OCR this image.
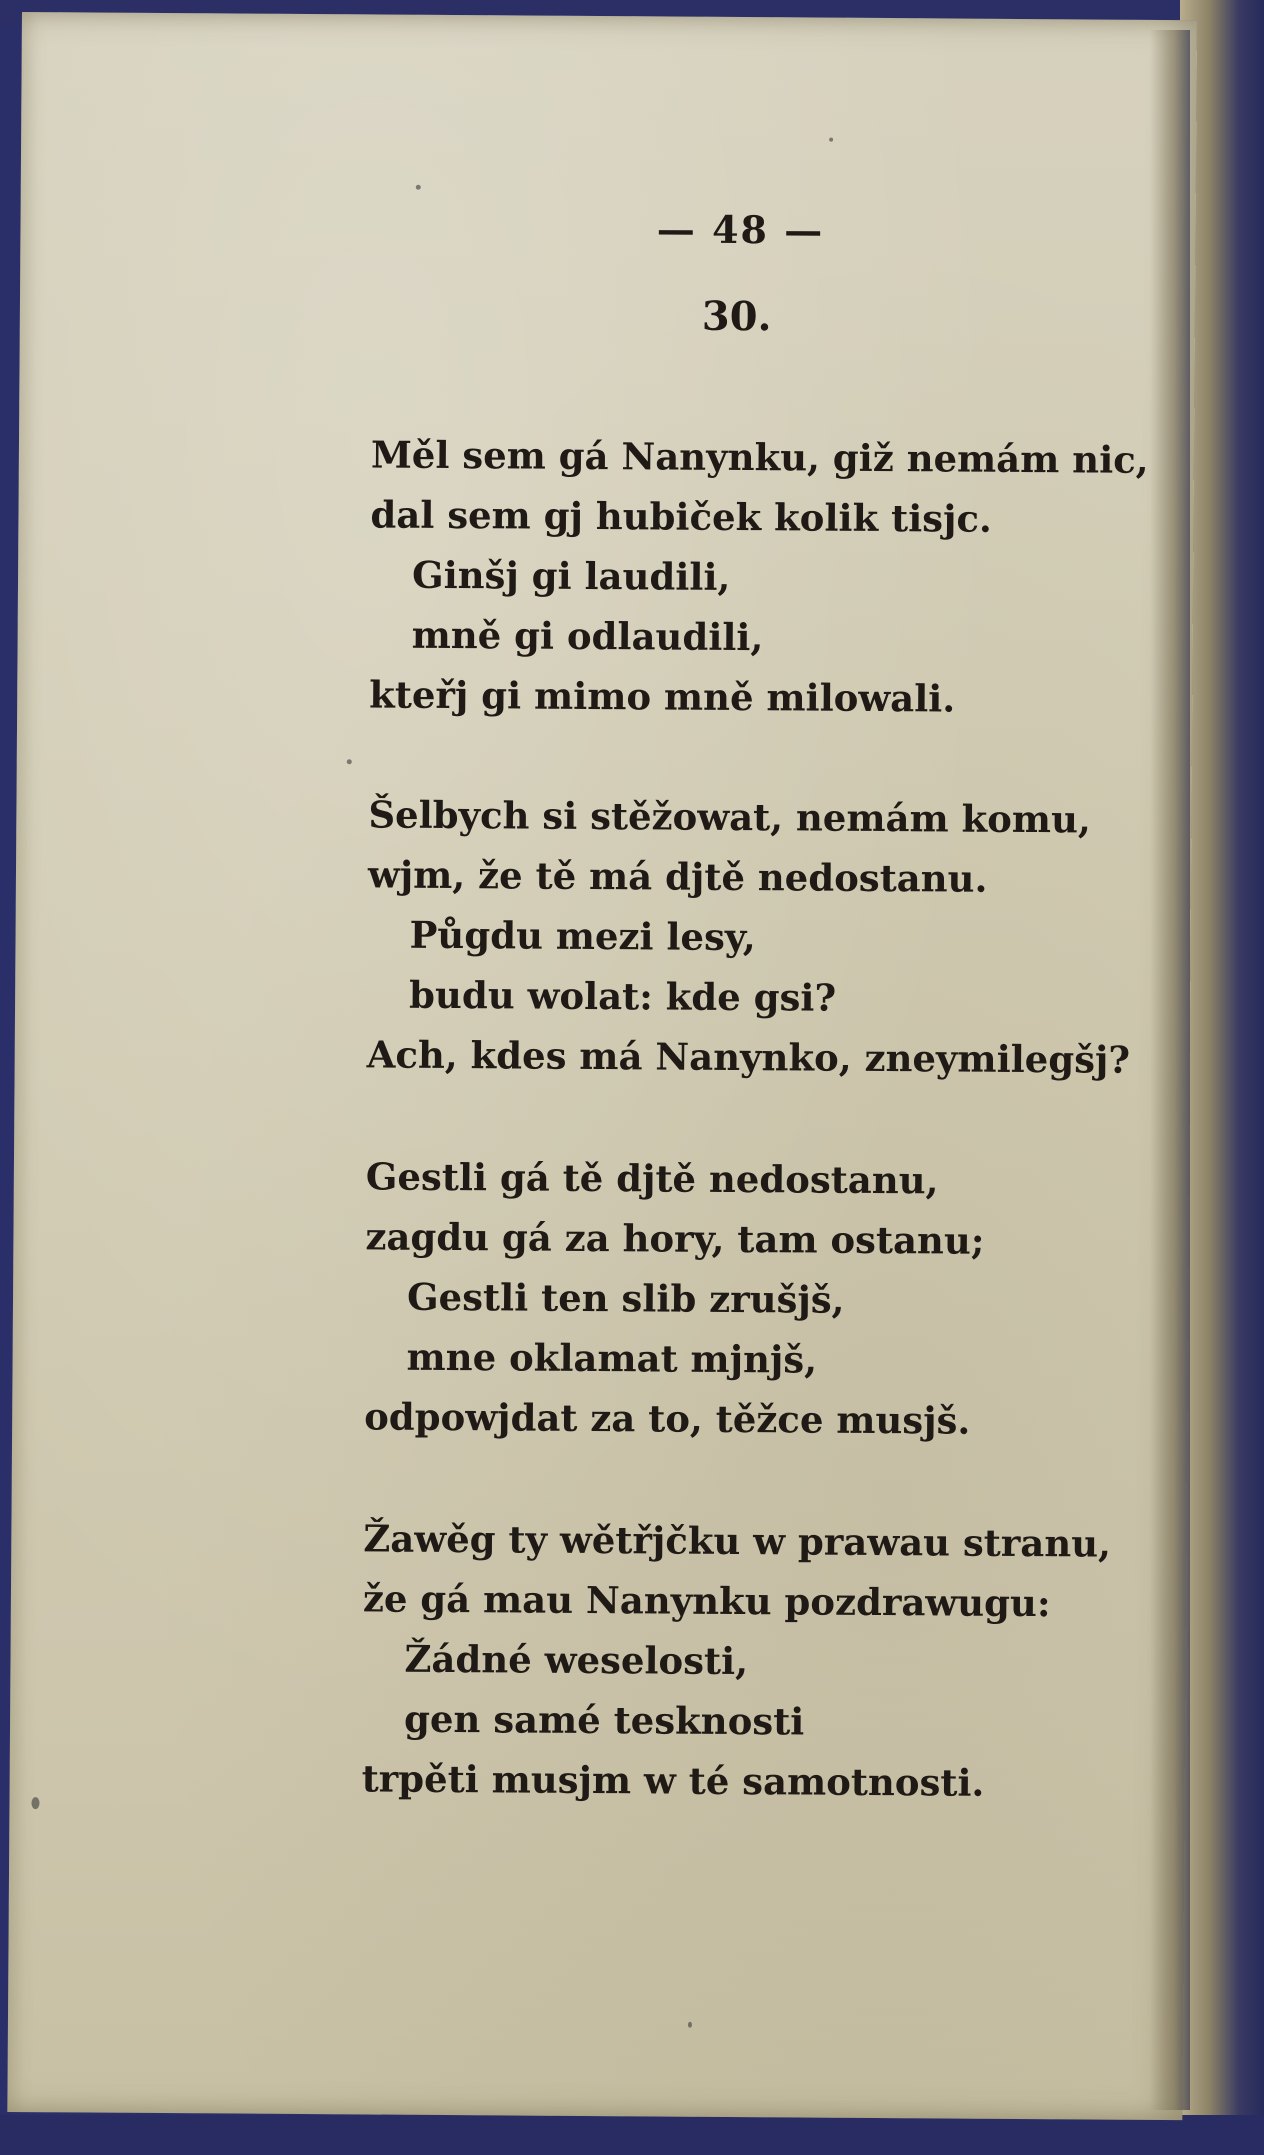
— 48 —
30.
Měl sem gá Nanynku, giž nemám nic,
dal sem gj hubiček kolik tisjc.
Ginšj gi laudili,
mně gi odlaudili,
kteřj gi mimo mně milowali.
Šelbych si stěžowat, nemám komu,
wjm, že tě má djtě nedostanu.
Půgdu mezi lesy,
budu wolat: kde gsi?
Ach, kdes má Nanynko, zneymilegšj?
Gestli gá tě djtě nedostanu,
zagdu gá za hory, tam ostanu;
Gestli ten slib zrušjš,
mne oklamat mjnjš,
odpowjdat za to, těžce musjš.
Žawěg ty wětřjčku w prawau stranu,
že gá mau Nanynku pozdrawugu:
Žádné weselosti,
gen samé tesknosti
trpěti musjm w té samotnosti.
